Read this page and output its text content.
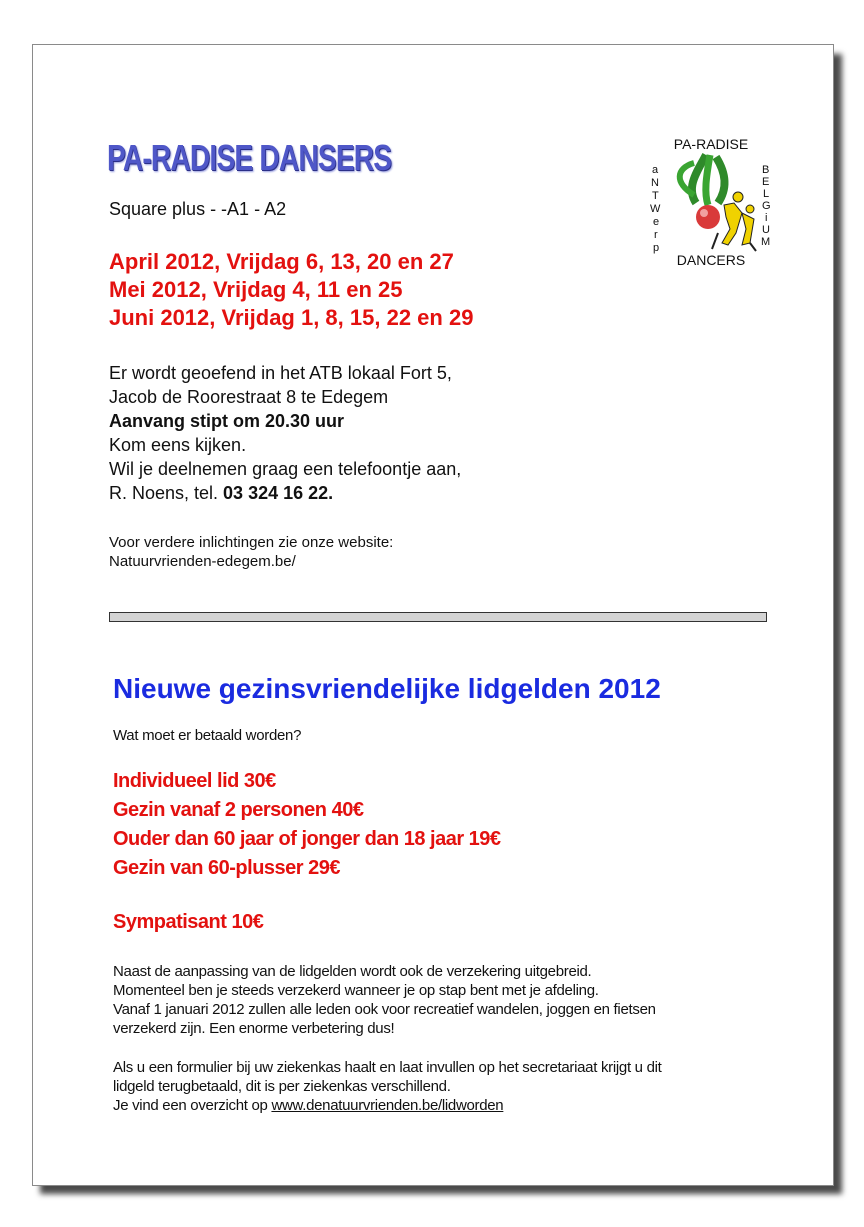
PA-RADISE DANSERS
Square plus - -A1 - A2
PA-RADISE
a N T W e r p
B E L G i U M
DANCERS
April 2012, Vrijdag 6, 13, 20 en 27
Mei 2012, Vrijdag 4, 11 en 25
Juni 2012, Vrijdag 1, 8, 15, 22 en 29
Er wordt geoefend in het ATB lokaal Fort 5,
Jacob de Roorestraat 8 te Edegem
Aanvang stipt om 20.30 uur
Kom eens kijken.
Wil je deelnemen graag een telefoontje aan,
R. Noens, tel. 03 324 16 22.
Voor verdere inlichtingen zie onze website:
Natuurvrienden-edegem.be/
Nieuwe gezinsvriendelijke lidgelden 2012
Wat moet er betaald worden?
Individueel lid 30€
Gezin vanaf 2 personen 40€
Ouder dan 60 jaar of jonger dan 18 jaar 19€
Gezin van 60-plusser 29€
Sympatisant 10€
Naast de aanpassing van de lidgelden wordt ook de verzekering uitgebreid.
Momenteel ben je steeds verzekerd wanneer je op stap bent met je afdeling.
Vanaf 1 januari 2012 zullen alle leden ook voor recreatief wandelen, joggen en fietsen
verzekerd zijn. Een enorme verbetering dus!
Als u een formulier bij uw ziekenkas haalt en laat invullen op het secretariaat krijgt u dit
lidgeld terugbetaald, dit is per ziekenkas verschillend.
Je vind een overzicht op www.denatuurvrienden.be/lidworden
